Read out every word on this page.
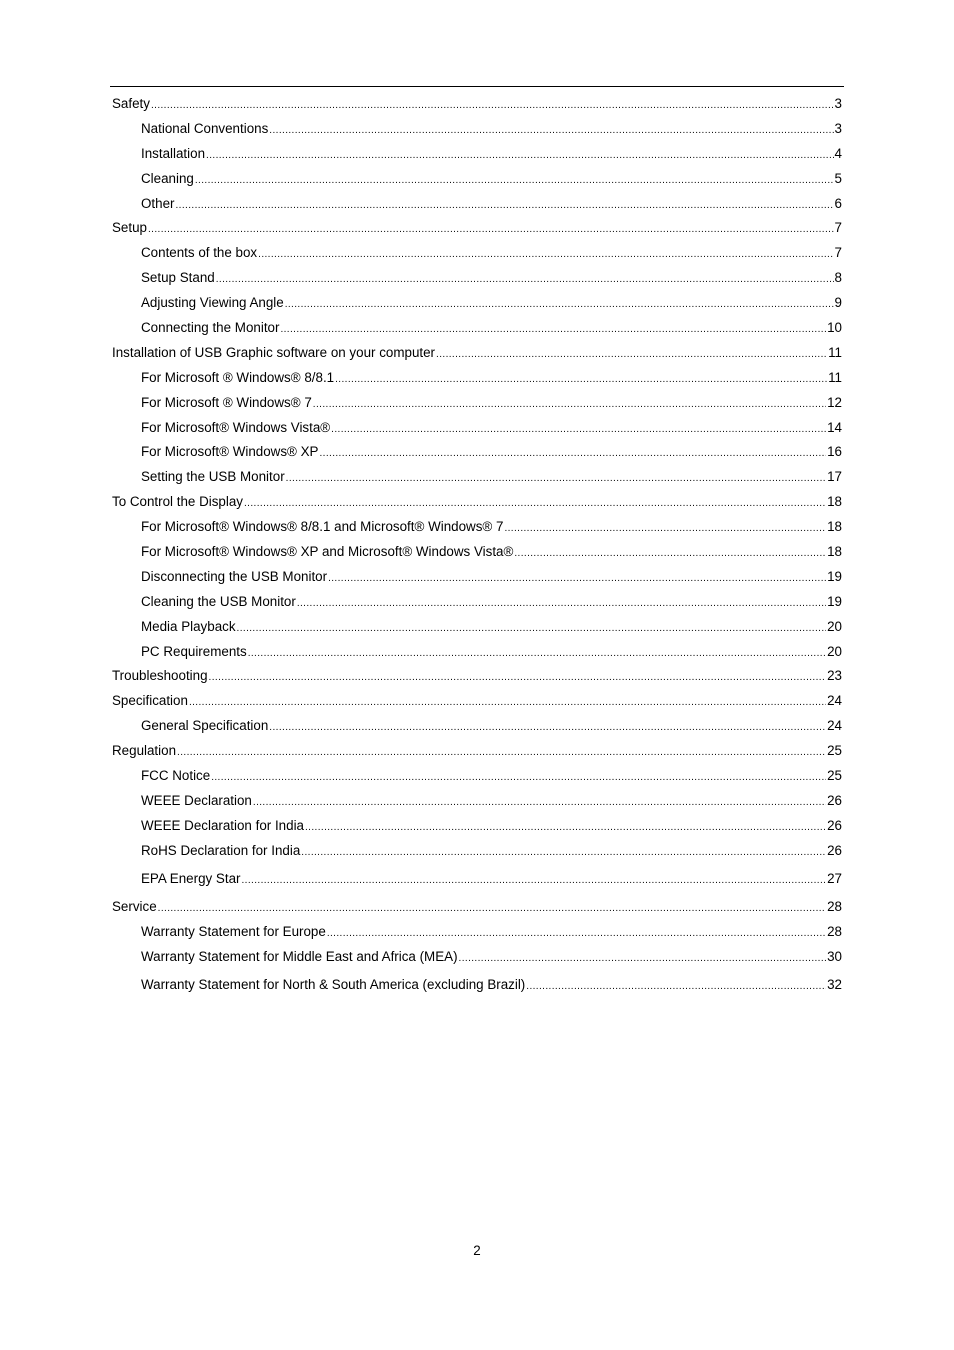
Safety .....	3
National Conventions .....	3
Installation .....	4
Cleaning .....	5
Other .....	6
Setup .....	7
Contents of the box .....	7
Setup Stand .....	8
Adjusting Viewing Angle .....	9
Connecting the Monitor .....	10
Installation of USB Graphic software on your computer .....	11
For Microsoft ® Windows® 8/8.1 .....	11
For Microsoft ® Windows® 7 .....	12
For Microsoft® Windows Vista® .....	14
For Microsoft® Windows® XP .....	16
Setting the USB Monitor .....	17
To Control the Display .....	18
For Microsoft® Windows® 8/8.1 and Microsoft® Windows® 7 .....	18
For Microsoft® Windows® XP and Microsoft® Windows Vista® .....	18
Disconnecting the USB Monitor .....	19
Cleaning the USB Monitor .....	19
Media Playback .....	20
PC Requirements .....	20
Troubleshooting .....	23
Specification .....	24
General Specification .....	24
Regulation .....	25
FCC Notice .....	25
WEEE Declaration .....	26
WEEE Declaration for India .....	26
RoHS Declaration for India .....	26
EPA Energy Star .....	27
Service .....	28
Warranty Statement for Europe .....	28
Warranty Statement for Middle East and Africa (MEA) .....	30
Warranty Statement for North & South America (excluding Brazil) .....	32
2
